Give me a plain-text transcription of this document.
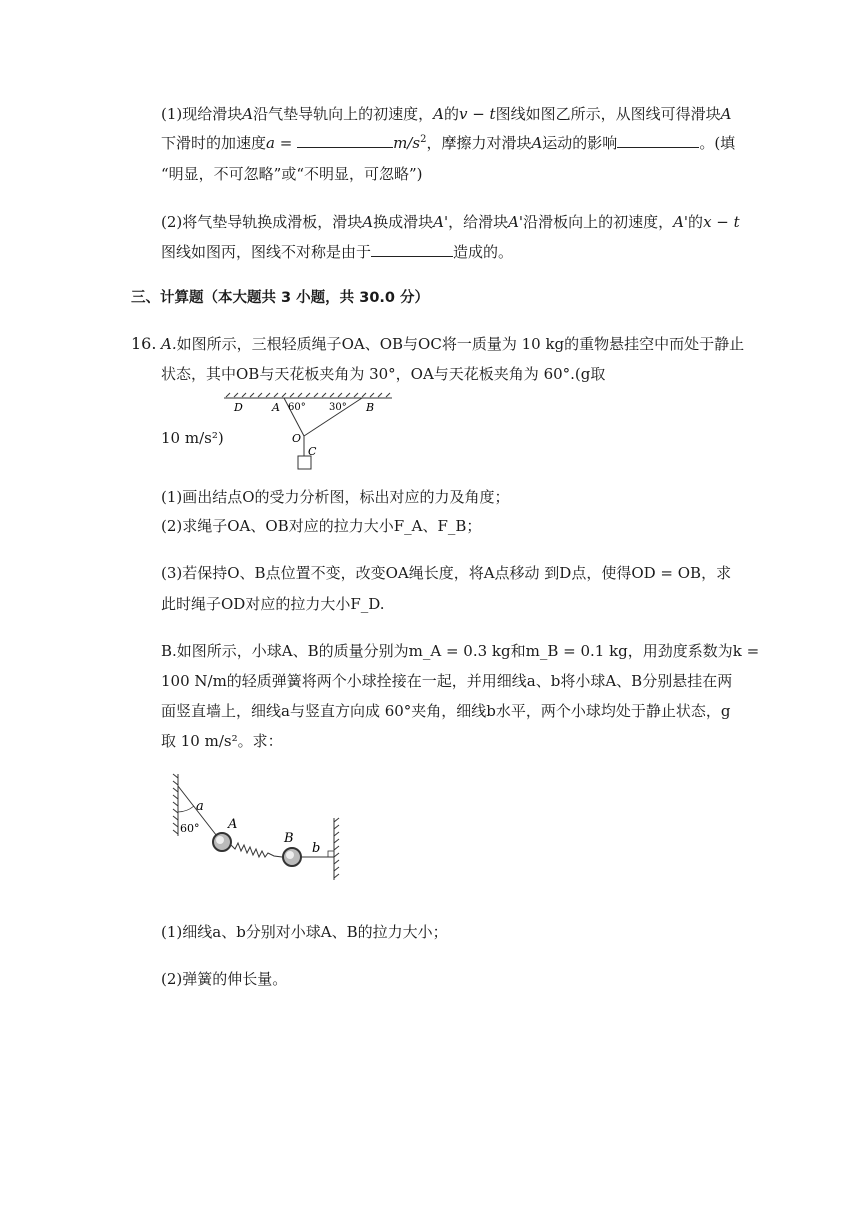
(1)现给滑块A沿气垫导轨向上的初速度，A的v − t图线如图乙所示，从图线可得滑块A
下滑时的加速度a =	$m/s^2$，摩擦力对滑块A运动的影响	。(填
“明显，不可忽略”或“不明显，可忽略”)
(2)将气垫导轨换成滑板，滑块A换成滑块A'，给滑块A'沿滑板向上的初速度，A'的x − t
图线如图丙，图线不对称是由于	造成的。
三、计算题（本大题共 3 小题，共 30.0 分）
16. A.如图所示，三根轻质绳子OA、OB与OC将一质量为 10 kg的重物悬挂空中而处于静止
状态，其中OB与天花板夹角为 30°，OA与天花板夹角为 60°.(g取
10 m/s²)
D	A 60° 30° B
O
C
(1)画出结点O的受力分析图，标出对应的力及角度；
(2)求绳子OA、OB对应的拉力大小F_A、F_B；
(3)若保持O、B点位置不变，改变OA绳长度，将A点移动 到D点，使得OD = OB，求
此时绳子OD对应的拉力大小F_D.
B.如图所示，小球A、B的质量分别为m_A = 0.3 kg和m_B = 0.1 kg，用劲度系数为k =
100 N/m的轻质弹簧将两个小球拴接在一起，并用细线a、b将小球A、B分别悬挂在两
面竖直墙上，细线a与竖直方向成 60°夹角，细线b水平，两个小球均处于静止状态，g
取 10 m/s²。求：
a
60° A
B
b
(1)细线a、b分别对小球A、B的拉力大小；
(2)弹簧的伸长量。
